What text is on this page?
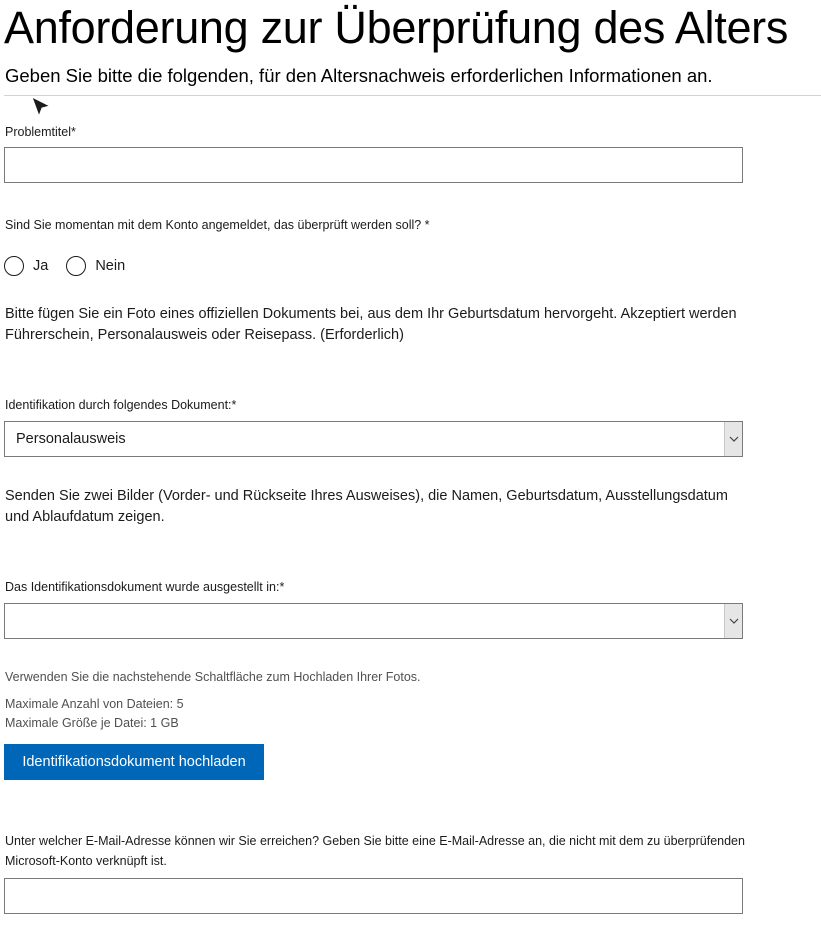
Anforderung zur Überprüfung des Alters
Geben Sie bitte die folgenden, für den Altersnachweis erforderlichen Informationen an.
Problemtitel*
Sind Sie momentan mit dem Konto angemeldet, das überprüft werden soll? *
Ja	Nein
Bitte fügen Sie ein Foto eines offiziellen Dokuments bei, aus dem Ihr Geburtsdatum hervorgeht. Akzeptiert werden Führerschein, Personalausweis oder Reisepass. (Erforderlich)
Identifikation durch folgendes Dokument:*
Personalausweis
Senden Sie zwei Bilder (Vorder- und Rückseite Ihres Ausweises), die Namen, Geburtsdatum, Ausstellungsdatum und Ablaufdatum zeigen.
Das Identifikationsdokument wurde ausgestellt in:*
Verwenden Sie die nachstehende Schaltfläche zum Hochladen Ihrer Fotos.
Maximale Anzahl von Dateien: 5
Maximale Größe je Datei: 1 GB
Identifikationsdokument hochladen
Unter welcher E-Mail-Adresse können wir Sie erreichen? Geben Sie bitte eine E-Mail-Adresse an, die nicht mit dem zu überprüfenden Microsoft-Konto verknüpft ist.
